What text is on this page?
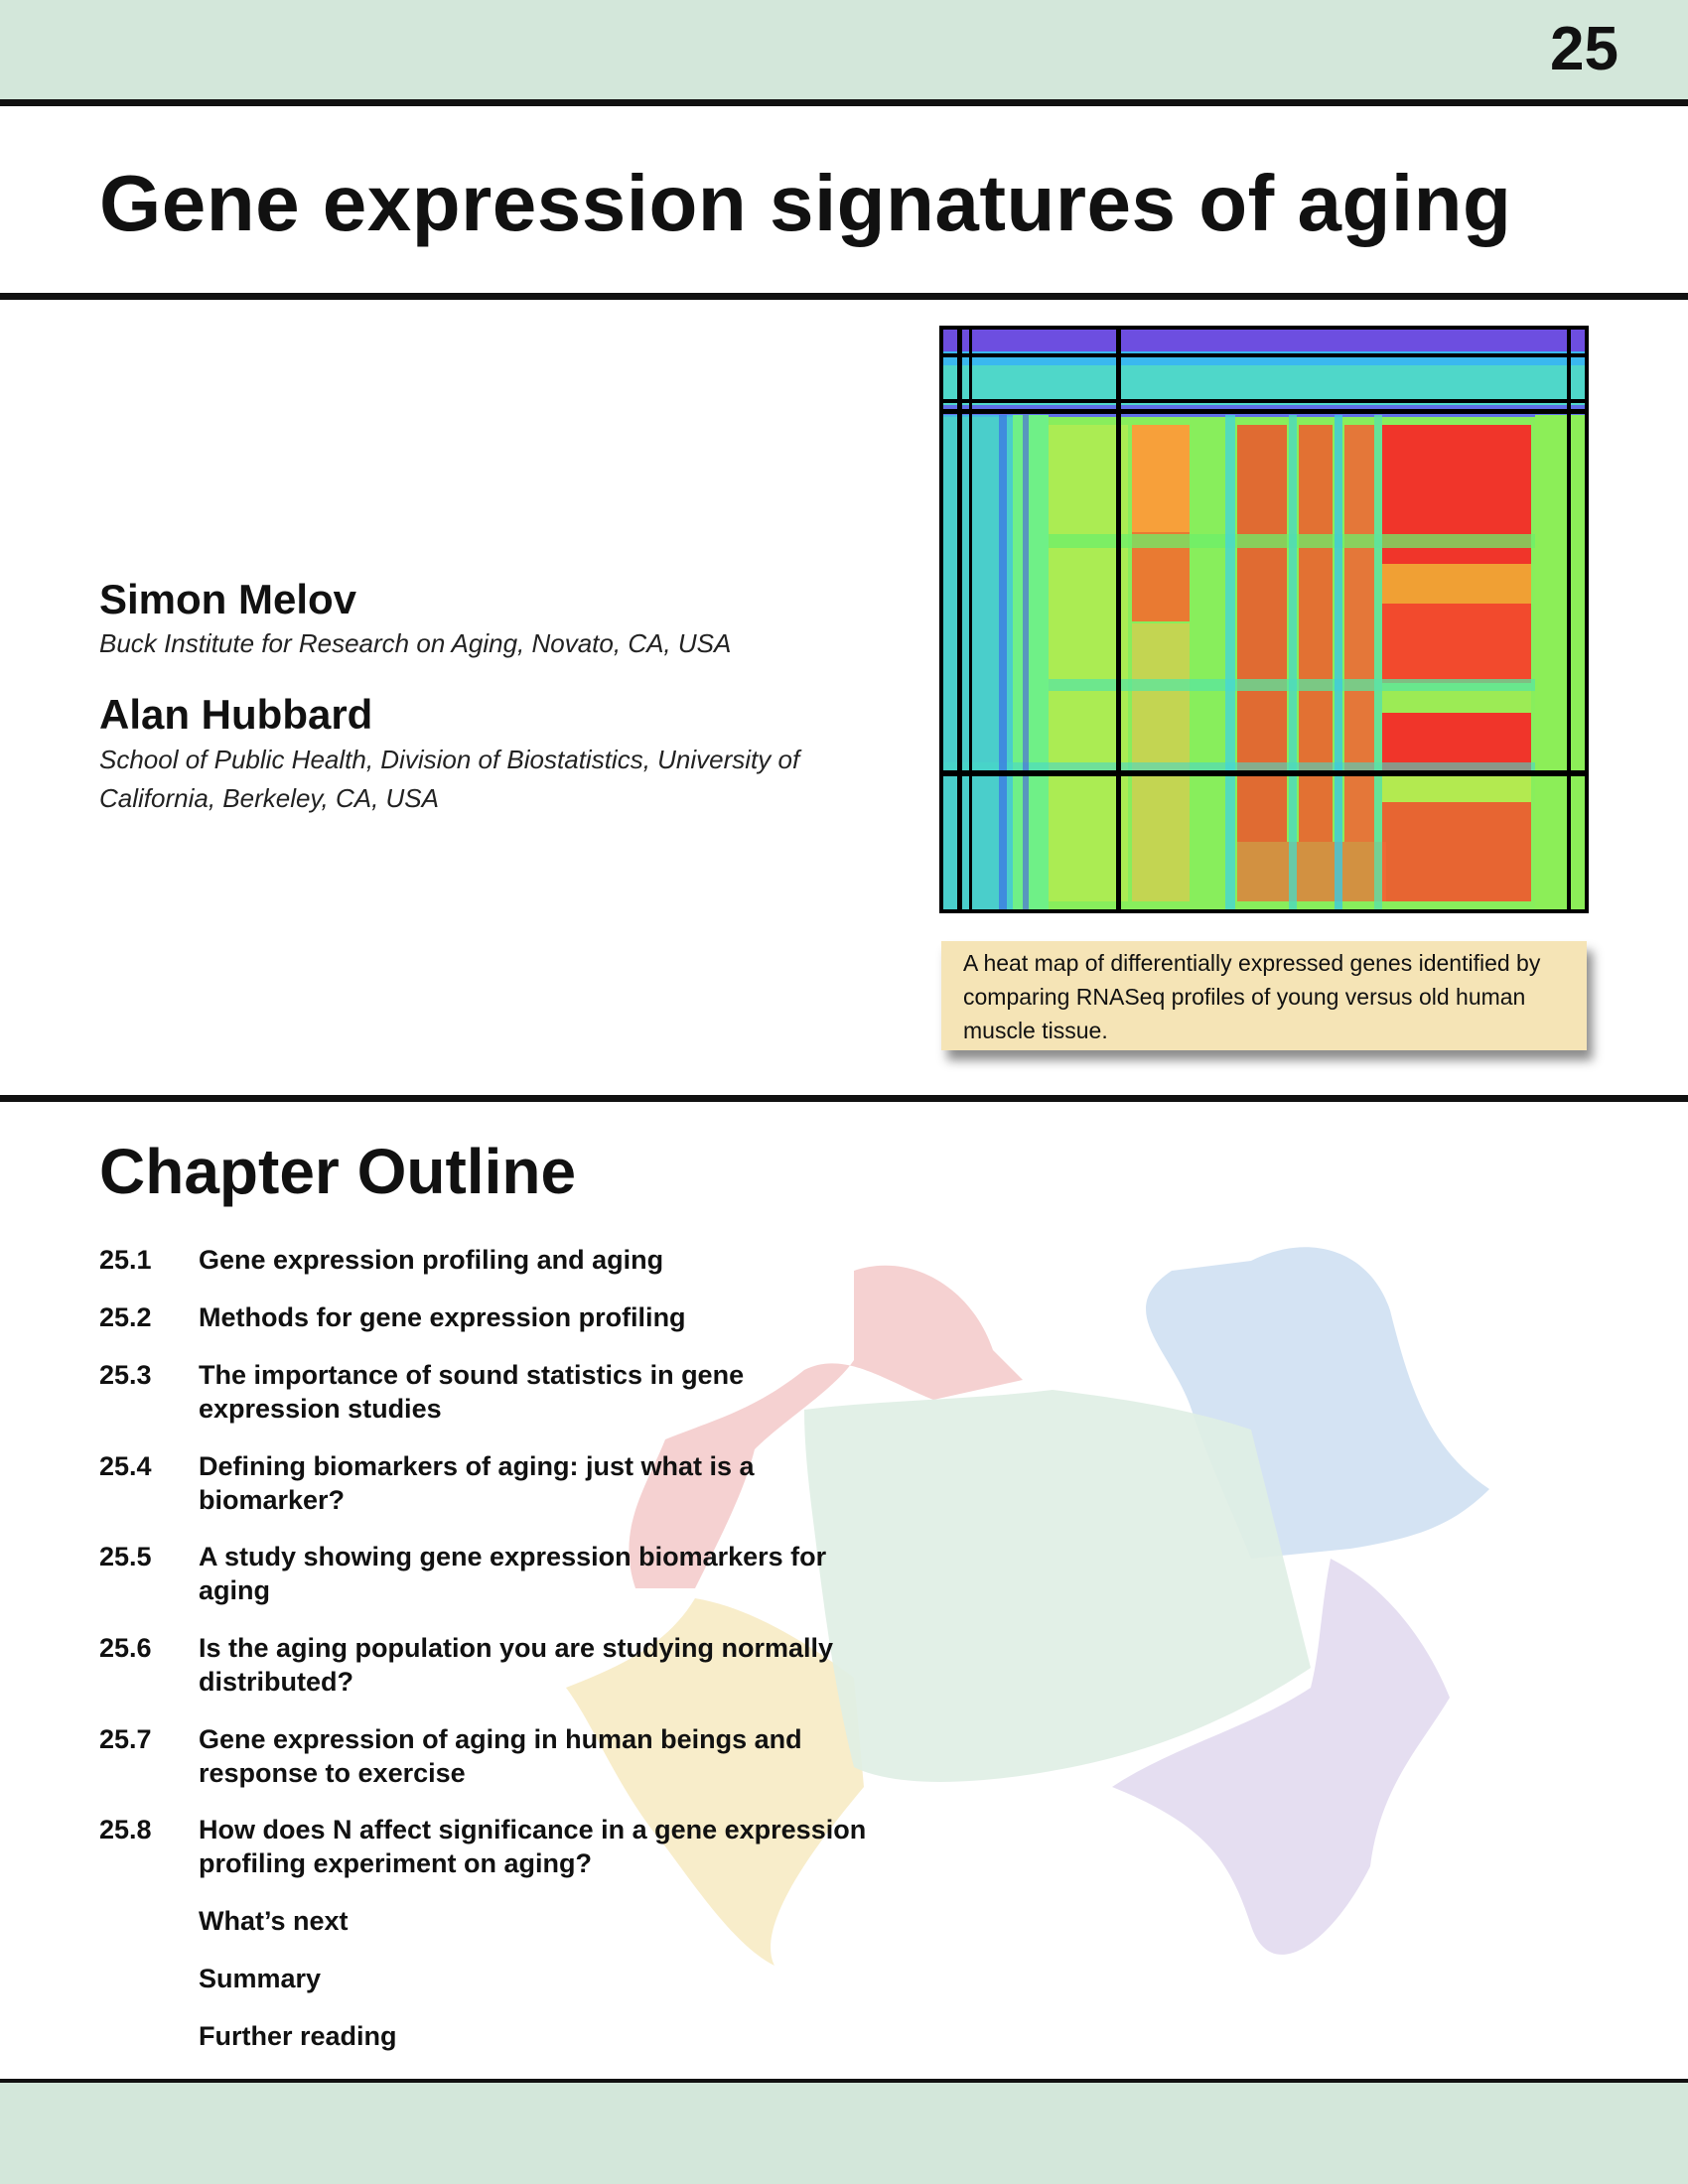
25
Gene expression signatures of aging
Simon Melov
Buck Institute for Research on Aging, Novato, CA, USA
Alan Hubbard
School of Public Health, Division of Biostatistics, University of California, Berkeley, CA, USA
A heat map of differentially expressed genes identified by comparing RNASeq profiles of young versus old human muscle tissue.
Chapter Outline
25.1	Gene expression profiling and aging
25.2	Methods for gene expression profiling
25.3	The importance of sound statistics in gene expression studies
25.4	Defining biomarkers of aging: just what is a biomarker?
25.5	A study showing gene expression biomarkers for aging
25.6	Is the aging population you are studying normally distributed?
25.7	Gene expression of aging in human beings and response to exercise
25.8	How does N affect significance in a gene expression profiling experiment on aging?
What’s next
Summary
Further reading
